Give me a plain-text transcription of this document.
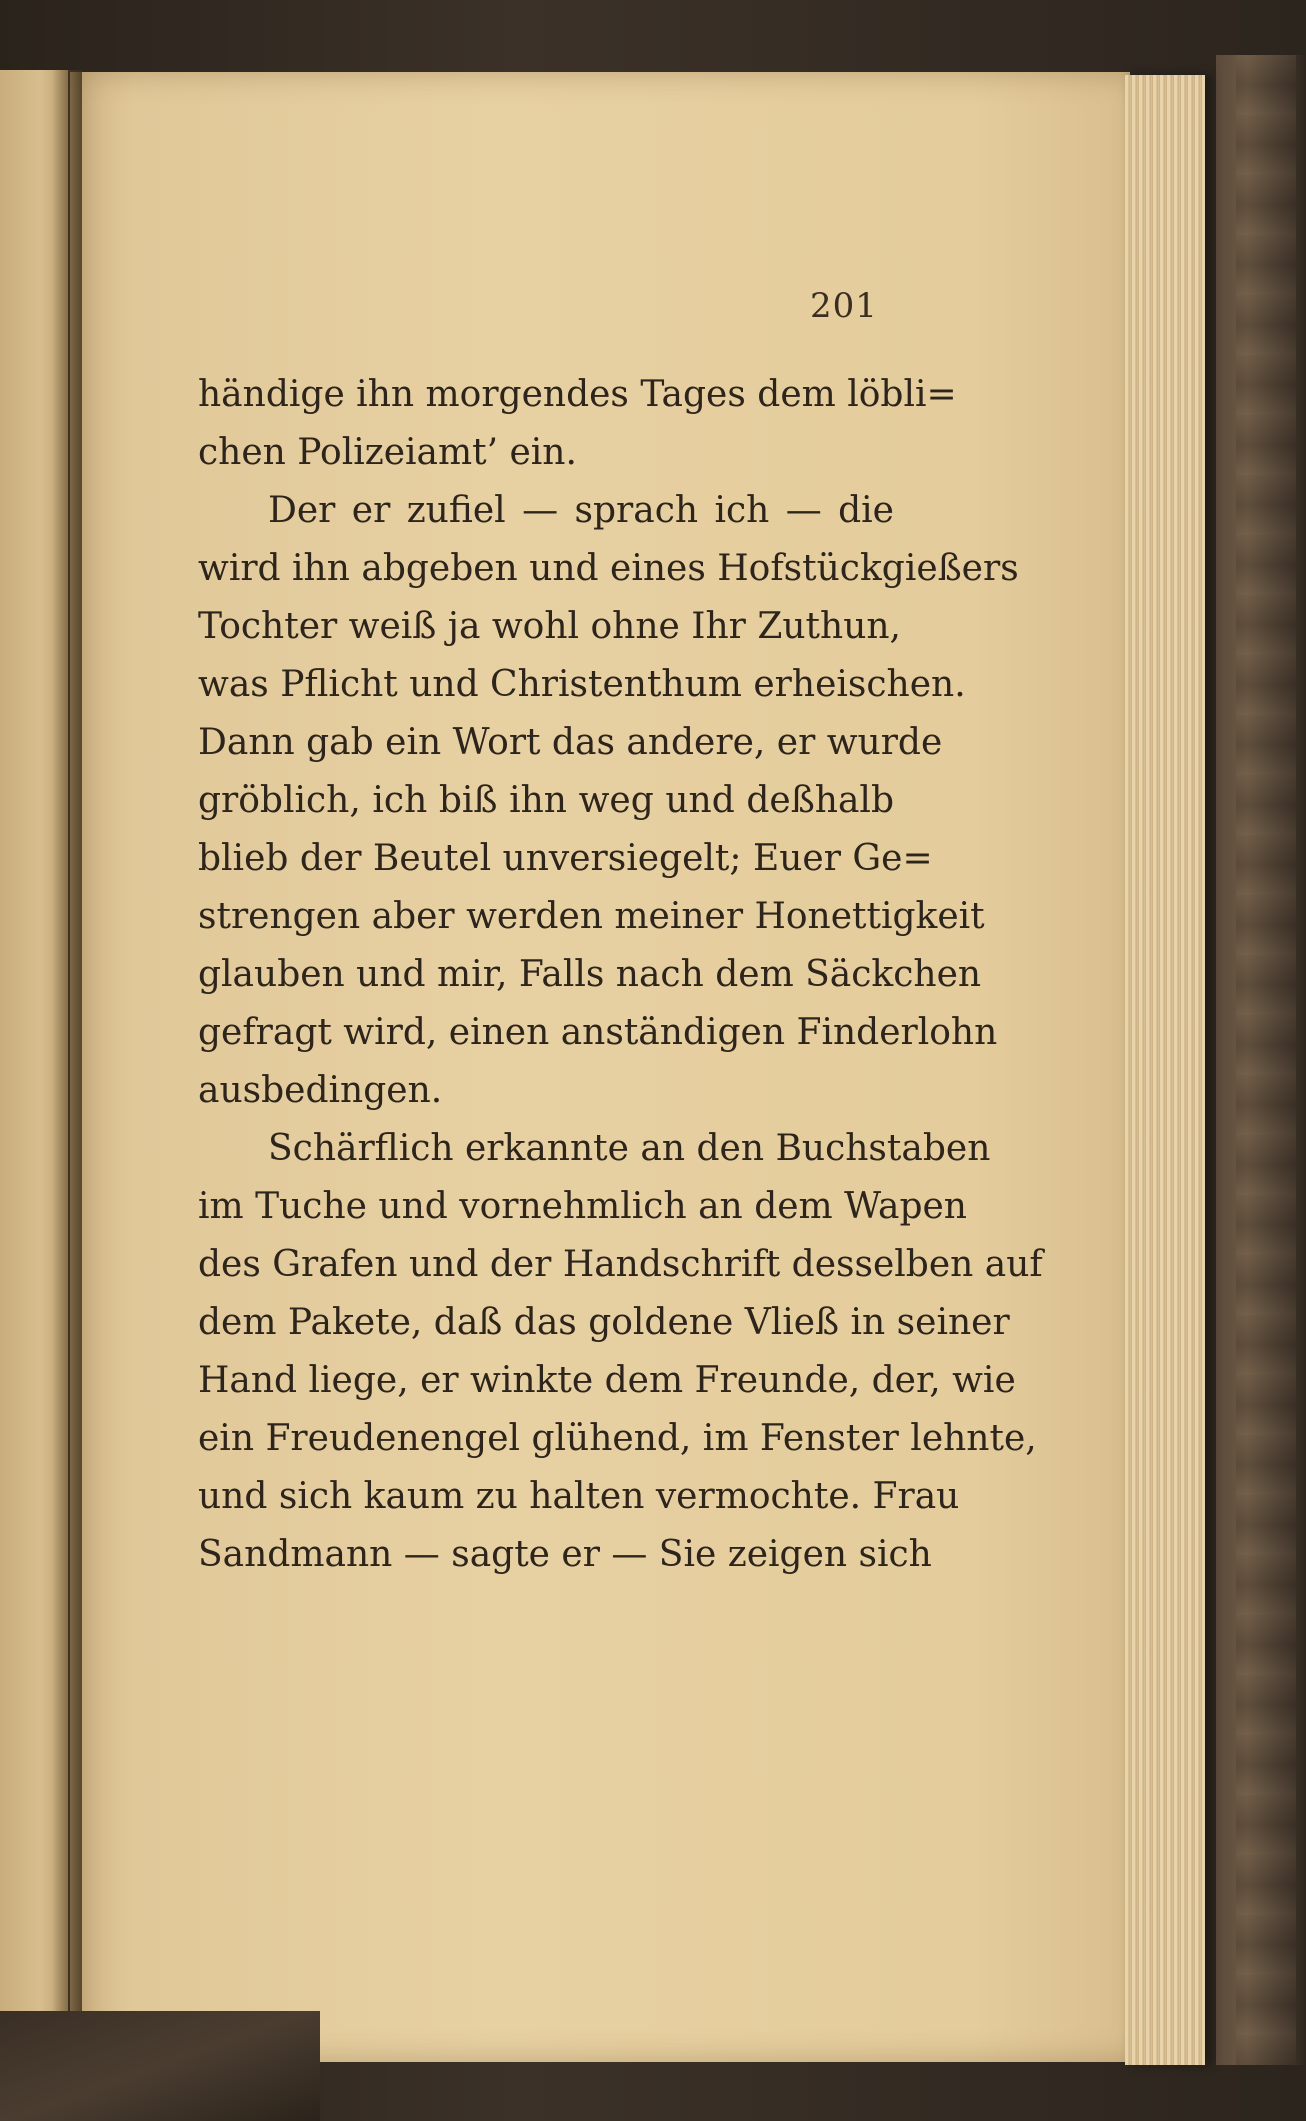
201
händige ihn morgendes Tages dem löbli=
chen Polizeiamt’ ein.
Der er zufiel — sprach ich — die
wird ihn abgeben und eines Hofstückgießers
Tochter weiß ja wohl ohne Ihr Zuthun,
was Pflicht und Christenthum erheischen.
Dann gab ein Wort das andere, er wurde
gröblich, ich biß ihn weg und deßhalb
blieb der Beutel unversiegelt; Euer Ge=
strengen aber werden meiner Honettigkeit
glauben und mir, Falls nach dem Säckchen
gefragt wird, einen anständigen Finderlohn
ausbedingen.
Schärflich erkannte an den Buchstaben
im Tuche und vornehmlich an dem Wapen
des Grafen und der Handschrift desselben auf
dem Pakete, daß das goldene Vließ in seiner
Hand liege, er winkte dem Freunde, der, wie
ein Freudenengel glühend, im Fenster lehnte,
und sich kaum zu halten vermochte. Frau
Sandmann — sagte er — Sie zeigen sich
